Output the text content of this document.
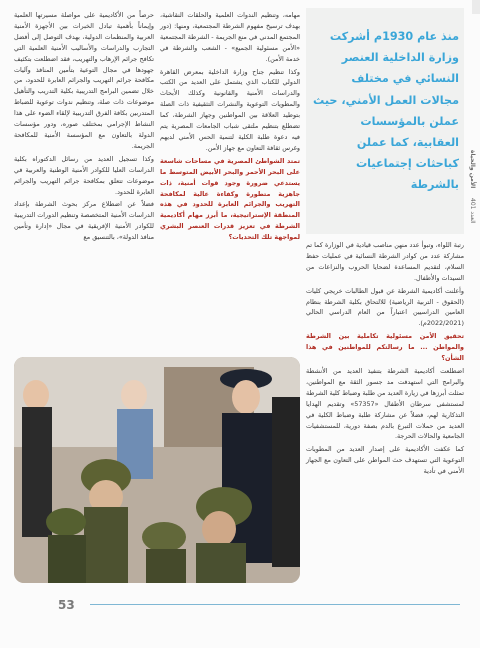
حرصاً من الأكاديمية على مواصلة مسيرتها العلمية وإيماناً بأهمية تبادل الخبرات بين الأجهزة الأمنية العربية والمنظمات الدولية، بهدف التوصل إلى أفضل التجارب والدراسات والأساليب الأمنية العلمية التي تكافح جرائم الإرهاب والتهريب، فقد اضطلعت بتكثيف جهودها في مجال التوعية بتأمين المنافذ وآليات مكافحة جرائم التهريب والجرائم العابرة للحدود، من خلال تضمين البرامج التدريبية بكلية التدريب والتأهيل موضوعات ذات صلة، وتنظيم ندوات توعوية للضباط المتدربين بكافة الفرق التدريبية لإلقاء الضوء على هذا النشاط الإجرامي بمختلف صوره، ودور مؤسسات الدولة بالتعاون مع المؤسسة الأمنية للمكافحة الجريمة.

وكذا تسجيل العديد من رسائل الدكتوراه بكلية الدراسات العليا للكوادر الأمنية الوطنية والعربية في موضوعات تتعلق بمكافحة جرائم التهريب والجرائم العابرة للحدود.

فضلاً عن اضطلاع مركز بحوث الشرطة بإعداد الدراسات الأمنية المتخصصة وتنظيم الدورات التدريبية للكوادر الأمنية الإفريقية في مجال «إدارة وتأمين منافذ الدولة»، بالتنسيق مع

مهامه، وتنظيم الندوات العلمية والحلقات النقاشية، بهدف ترسيخ مفهوم الشرطة المجتمعية، ومنها: (دور المجتمع المدني في منع الجريمة - الشرطة المجتمعية «الأمن مسئولية الجميع» - الشعب والشرطة في خدمة الأمن).

وكذا تنظيم جناح وزارة الداخلية بمعرض القاهرة الدولي للكتاب الذي يشتمل على العديد من الكتب والدراسات الأمنية والقانونية وكذلك الأبحاث والمطويات التوعوية والنشرات التثقيفية ذات الصلة بتوطيد العلاقة بين المواطنين وجهاز الشرطة، كما تضطلع بتنظيم ملتقى شباب الجامعات المصرية يتم فيه دعوة طلبة الكلية لتنمية الحس الأمني لديهم وغرس ثقافة التعاون مع جهاز الأمن.

تمتد الشواطئ المصرية في مساحات شاسعة على البحر الأحمر والبحر الأبيض المتوسط ما يستدعي ضرورة وجود قوات أمنية، ذات جاهزية متطورة وكفاءة عالية لمكافحة التهريب والجرائم العابرة للحدود في هذه المنطقة الإستراتيجية، ما أبرز مهام أكاديمية الشرطة في تعزيز قدرات العنصر البشري لمواجهة تلك التحديات؟

منذ عام 1930م أشركت وزارة الداخلية العنصر النسائي في مختلف مجالات العمل الأمني، حيث عملن بالمؤسسات العقابية، كما عملن كباحثات إجتماعيات بالشرطة

رتبة اللواء، وتبوأ عدد منهن مناصب قيادية في الوزارة كما تم مشاركة عدد من كوادر الشرطة النسائية في عمليات حفظ السلام، لتقديم المساعدة لضحايا الحروب والنزاعات من السيدات والأطفال.

وأعلنت أكاديمية الشرطة عن قبول الطالبات خريجي كليات (الحقوق - التربية الرياضية) للالتحاق بكلية الشرطة بنظام العامين الدراسيين اعتباراً من العام الدراسي الحالي (2022/2021م).

تحقيق الأمن مسئولية تكاملية بين الشرطة والمواطن ... ما رسالتكم للمواطنين في هذا الشأن؟

اضطلعت أكاديمية الشرطة بتنفيذ العديد من الأنشطة والبرامج التي استهدفت مد جسور الثقة مع المواطنين، تمثلت أبرزها في زيارة العديد من طلبة وضباط كلية الشرطة لمستشفى سرطان الأطفال «57357» وتقديم الهدايا التذكارية لهم، فضلاً عن مشاركة طلبة وضباط الكلية في العديد من حملات التبرع بالدم بصفة دورية، للمستشفيات الجامعية والحالات الحرجة.

كما عكفت الأكاديمية على إصدار العديد من المطويات التوعوية التي تستهدف حث المواطن على التعاون مع الجهاز الأمني في تأدية

الأمن والحياة
العدد 401
53
